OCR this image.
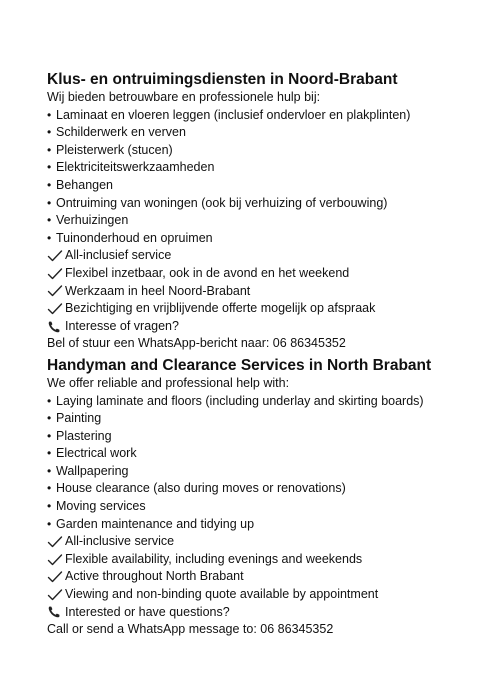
Klus- en ontruimingsdiensten in Noord-Brabant
Wij bieden betrouwbare en professionele hulp bij:
• Laminaat en vloeren leggen (inclusief ondervloer en plakplinten)
• Schilderwerk en verven
• Pleisterwerk (stucen)
• Elektriciteitswerkzaamheden
• Behangen
• Ontruiming van woningen (ook bij verhuizing of verbouwing)
• Verhuizingen
• Tuinonderhoud en opruimen
All-inclusief service
Flexibel inzetbaar, ook in de avond en het weekend
Werkzaam in heel Noord-Brabant
Bezichtiging en vrijblijvende offerte mogelijk op afspraak
Interesse of vragen?
Bel of stuur een WhatsApp-bericht naar: 06 86345352
Handyman and Clearance Services in North Brabant
We offer reliable and professional help with:
• Laying laminate and floors (including underlay and skirting boards)
• Painting
• Plastering
• Electrical work
• Wallpapering
• House clearance (also during moves or renovations)
• Moving services
• Garden maintenance and tidying up
All-inclusive service
Flexible availability, including evenings and weekends
Active throughout North Brabant
Viewing and non-binding quote available by appointment
Interested or have questions?
Call or send a WhatsApp message to: 06 86345352
